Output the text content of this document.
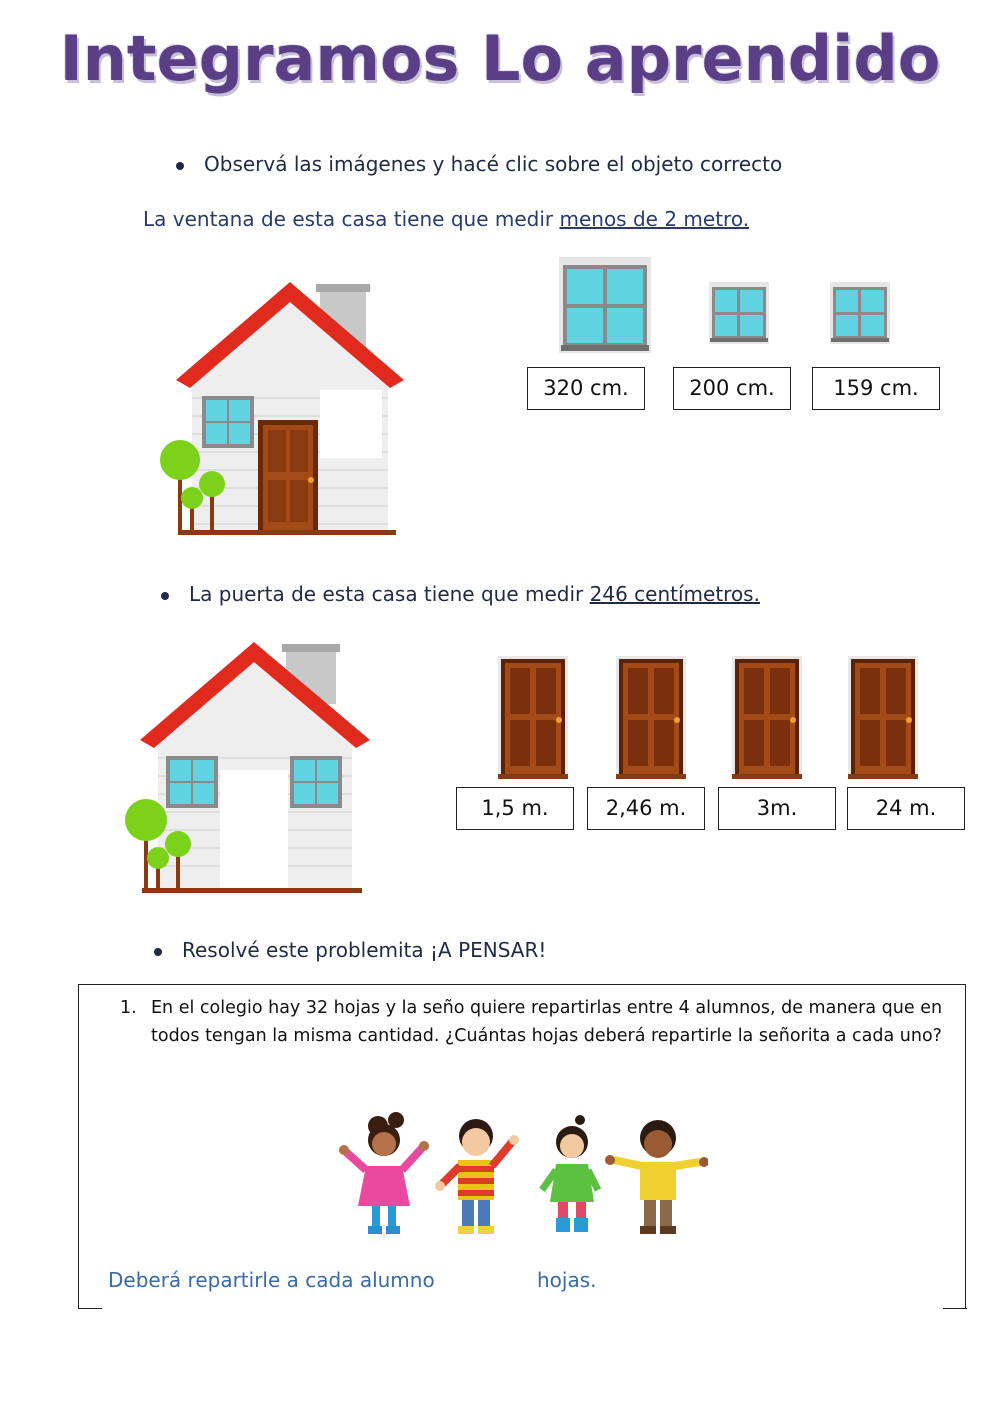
Integramos Lo aprendido
Observá las imágenes y hacé clic sobre el objeto correcto
La ventana de esta casa tiene que medir menos de 2 metro.
320 cm.	200 cm.	159 cm.
La puerta de esta casa tiene que medir 246 centímetros.
1,5 m.	2,46 m.	3m.	24 m.
Resolvé este problemita ¡A PENSAR!
1. En el colegio hay 32 hojas y la seño quiere repartirlas entre 4 alumnos, de manera que en todos tengan la misma cantidad. ¿Cuántas hojas deberá repartirle la señorita a cada uno?
Deberá repartirle a cada alumno	hojas.
